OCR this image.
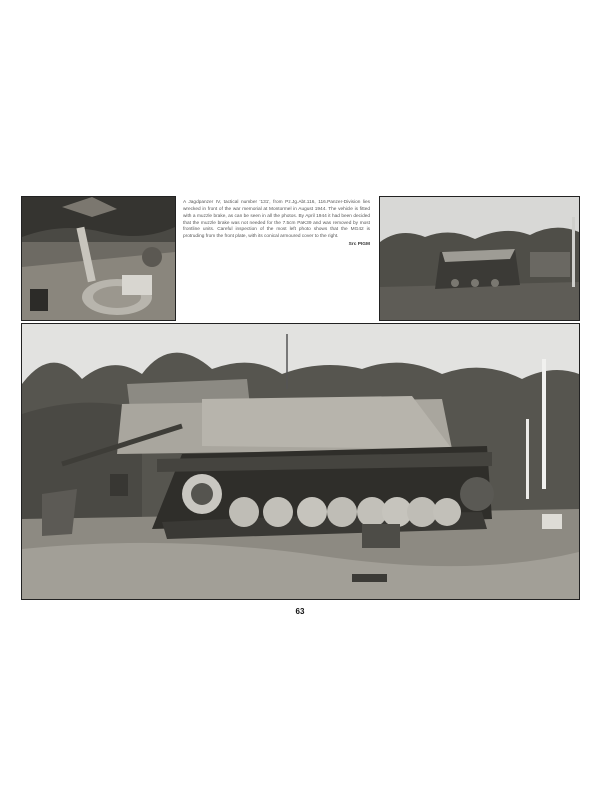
A Jagdpanzer IV, tactical number '131', from Pz.Jg.Abt.116, 116.Panzer-Division lies wrecked in front of the war memorial at Montormel in August 1944. The vehicle is fitted with a muzzle brake, as can be seen in all the photos. By April 1944 it had been decided that the muzzle brake was not needed for the 7.5cm PaK39 and was removed by most frontline units. Careful inspection of the most left photo shows that the MG42 is protruding from the front plate, with its conical armoured cover to the right.

Src PIGM
63
